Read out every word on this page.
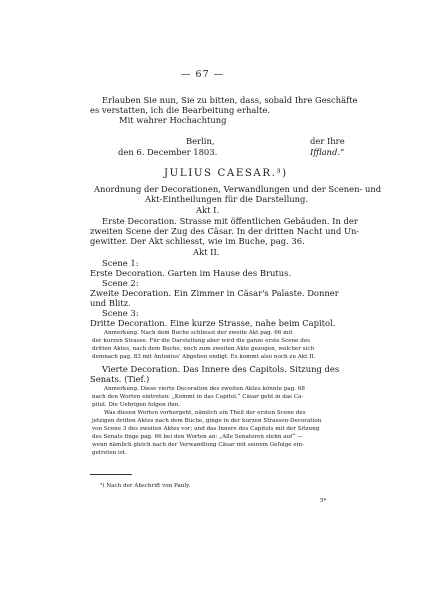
— 67 —
Erlauben Sie nun, Sie zu bitten, dass, sobald Ihre Geschäfte
es verstatten, ich die Bearbeitung erhalte.
Mit wahrer Hochachtung
Berlin,
den 6. December 1803.
der Ihre
Iffland.“
JULIUS CAESAR.³)
Anordnung der Decorationen, Verwandlungen und der Scenen- und
Akt-Eintheilungen für die Darstellung.
Akt I.
Erste Decoration. Strasse mit öffentlichen Gebäuden. In der
zweiten Scene der Zug des Cäsar. In der dritten Nacht und Un-
gewitter. Der Akt schliesst, wie im Buche, pag. 36.
Akt II.
Scene 1:
Erste Decoration. Garten im Hause des Brutus.
Scene 2:
Zweite Decoration. Ein Zimmer in Cäsar's Palaste. Donner
und Blitz.
Scene 3:
Dritte Decoration. Eine kurze Strasse, nahe beim Capitol.
Anmerkung. Nach dem Buche schliesst der zweite Akt pag. 66 mit
der kurzen Strasse. Für die Darstellung aber wird die ganze erste Scene des
dritten Aktes, nach dem Buche, noch zum zweiten Akte gezogen, welcher sich
demnach pag. 83 mit Antonius' Abgehen endigt. Es kommt also noch zu Akt II.
Vierte Decoration. Das Innere des Capitols. Sitzung des
Senats. (Tief.)
Anmerkung. Diese vierte Decoration des zweiten Aktes könnte pag. 68
nach den Worten eintreten: „Kommt in das Capitol.“ Cäsar geht in das Ca-
pitol. Die Uebrigen folgen ihm.
Was diesen Worten vorhergeht, nämlich ein Theil der ersten Scene des
jetzigen dritten Aktes nach dem Buche, gingе in der kurzen Strassen-Decoration
von Scene 3 des zweiten Aktes vor; und das Innere des Capitols mit der Sitzung
des Senats finge pag. 66 bei den Worten an: „Alle Senatoren stehn auf“ —
wenn nämlich gleich nach der Verwandlung Cäsar mit seinem Gefolge ein-
getreten ist.
³) Nach der Abschrift von Pauly.
5*
